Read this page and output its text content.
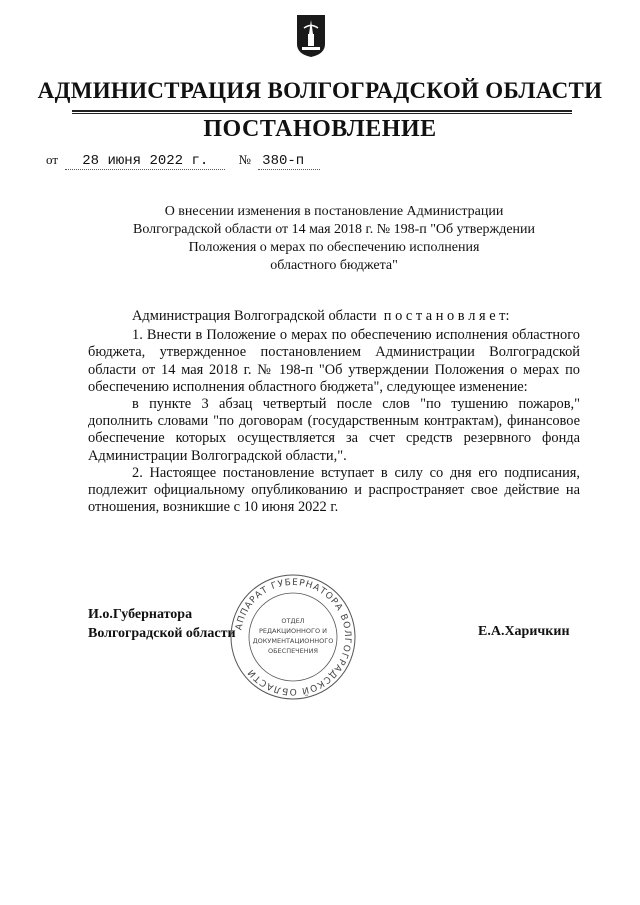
АДМИНИСТРАЦИЯ ВОЛГОГРАДСКОЙ ОБЛАСТИ
ПОСТАНОВЛЕНИЕ
от 28 июня 2022 г. № 380-п
О внесении изменения в постановление Администрации
Волгоградской области от 14 мая 2018 г. № 198-п "Об утверждении
Положения о мерах по обеспечению исполнения
областного бюджета"

Администрация Волгоградской области п о с т а н о в л я е т:

1. Внести в Положение о мерах по обеспечению исполнения областного бюджета, утвержденное постановлением Администрации Волгоградской области от 14 мая 2018 г. № 198-п "Об утверждении Положения о мерах по обеспечению исполнения областного бюджета", следующее изменение:

в пункте 3 абзац четвертый после слов "по тушению пожаров," дополнить словами "по договорам (государственным контрактам), финансовое обеспечение которых осуществляется за счет средств резервного фонда Администрации Волгоградской области,".

2. Настоящее постановление вступает в силу со дня его подписания, подлежит официальному опубликованию и распространяет свое действие на отношения, возникшие с 10 июня 2022 г.

И.о.Губернатора
Волгоградской области	Е.А.Харичкин
АППАРАТ ГУБЕРНАТОРА ВОЛГОГРАДСКОЙ ОБЛАСТИ
ОТДЕЛ
РЕДАКЦИОННОГО И
ДОКУМЕНТАЦИОННОГО
ОБЕСПЕЧЕНИЯ
